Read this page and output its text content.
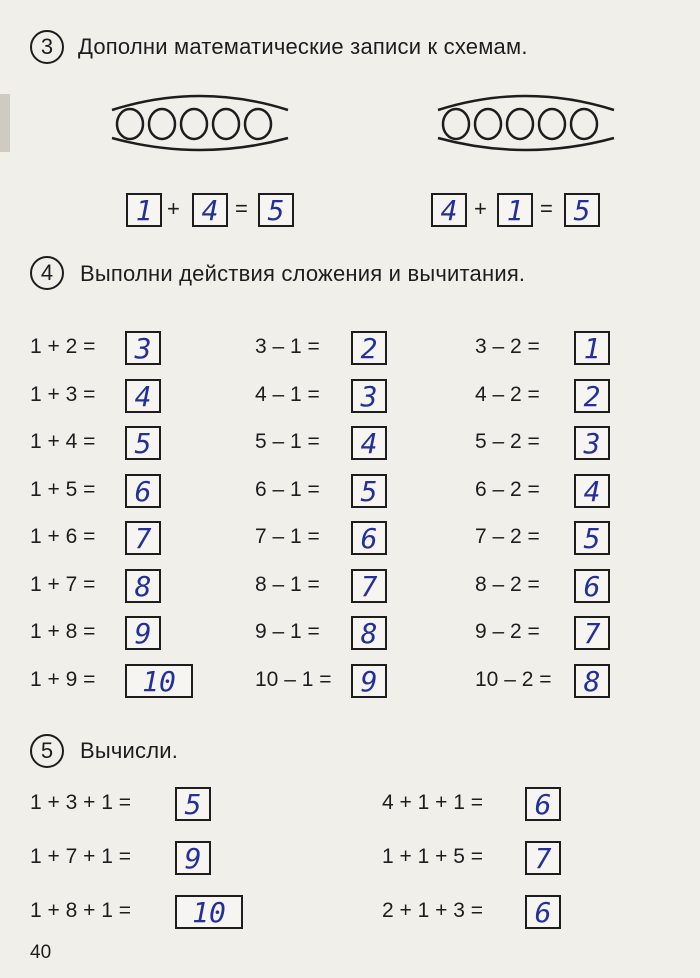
3	Дополни математические записи к схемам.
1 + 4 = 5	4 + 1 = 5
4	Выполни действия сложения и вычитания.
1 + 2 =	3
1 + 3 =	4
1 + 4 =	5
1 + 5 =	6
1 + 6 =	7
1 + 7 =	8
1 + 8 =	9
1 + 9 =	10
3 – 1 =	2
4 – 1 =	3
5 – 1 =	4
6 – 1 =	5
7 – 1 =	6
8 – 1 =	7
9 – 1 =	8
10 – 1 =	9
3 – 2 =	1
4 – 2 =	2
5 – 2 =	3
6 – 2 =	4
7 – 2 =	5
8 – 2 =	6
9 – 2 =	7
10 – 2 =	8
5	Вычисли.
1 + 3 + 1 =	5
1 + 7 + 1 =	9
1 + 8 + 1 =	10
4 + 1 + 1 =	6
1 + 1 + 5 =	7
2 + 1 + 3 =	6
40
